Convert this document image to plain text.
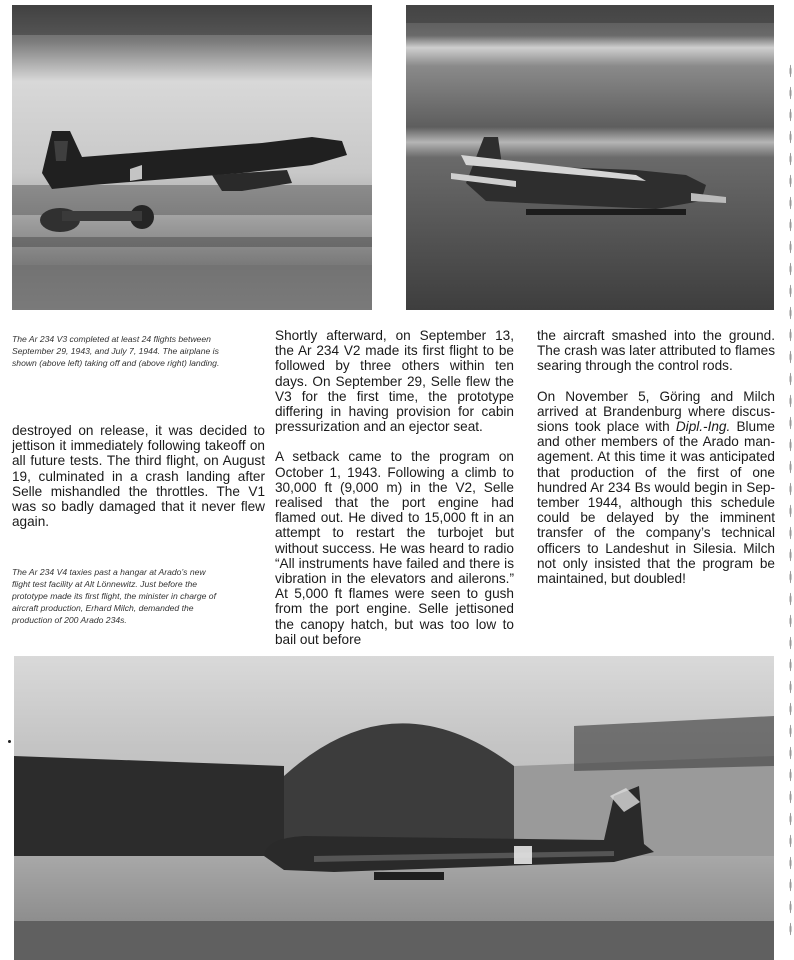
The Ar 234 V3 completed at least 24 flights between
September 29, 1943, and July 7, 1944. The airplane is
shown (above left) taking off and (above right) landing.

destroyed on release, it was decided to jettison it immediately following takeoff on all future tests. The third flight, on August 19, culminated in a crash landing after Selle mishandled the throttles. The V1 was so badly damaged that it never flew again.

The Ar 234 V4 taxies past a hangar at Arado’s new
flight test facility at Alt Lönnewitz. Just before the
prototype made its first flight, the minister in charge of
aircraft production, Erhard Milch, demanded the
production of 200 Arado 234s.

Shortly afterward, on September 13, the Ar 234 V2 made its first flight to be followed by three others within ten days. On September 29, Selle flew the V3 for the first time, the prototype differing in having provision for cabin pressurization and an ejector seat.

A setback came to the program on October 1, 1943. Following a climb to 30,000 ft (9,000 m) in the V2, Selle realised that the port engine had flamed out. He dived to 15,000 ft in an attempt to restart the turbojet but without success. He was heard to radio “All instruments have failed and there is vibration in the elevators and ailerons.” At 5,000 ft flames were seen to gush from the port engine. Selle jettisoned the canopy hatch, but was too low to bail out before

the aircraft smashed into the ground. The crash was later attributed to flames searing through the control rods.

On November 5, Göring and Milch arrived at Brandenburg where discussions took place with Dipl.-Ing. Blume and other members of the Arado management. At this time it was anticipated that production of the first of one hundred Ar 234 Bs would begin in September 1944, although this schedule could be delayed by the imminent transfer of the company’s technical officers to Landeshut in Silesia. Milch not only insisted that the program be maintained, but doubled!
